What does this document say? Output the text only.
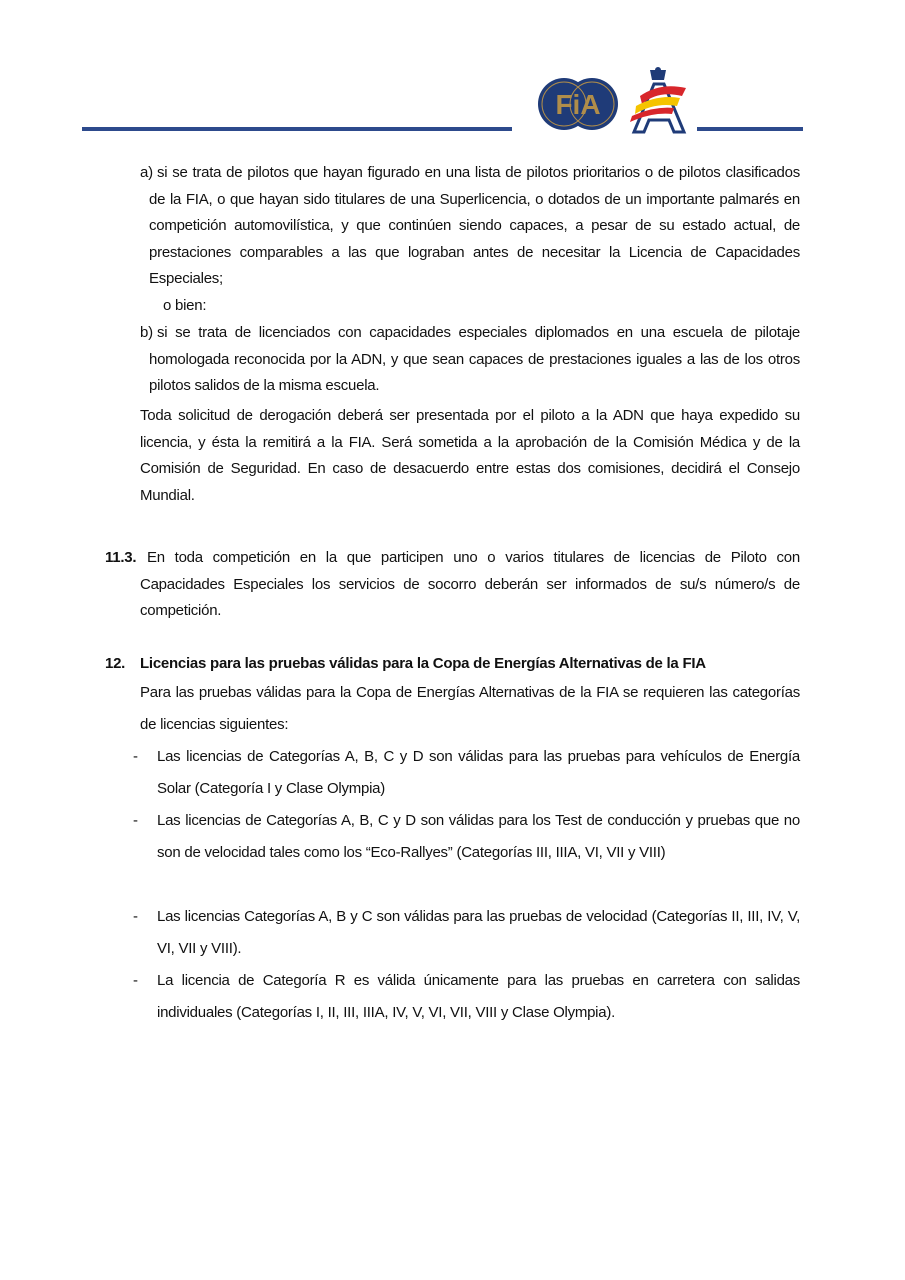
FiA
a) si se trata de pilotos que hayan figurado en una lista de pilotos prioritarios o de pilotos clasificados de la FIA, o que hayan sido titulares de una Superlicencia, o dotados de un importante palmarés en competición automovilística, y que continúen siendo capaces, a pesar de su estado actual, de prestaciones comparables a las que lograban antes de necesitar la Licencia de Capacidades Especiales;
o bien:
b) si se trata de licenciados con capacidades especiales diplomados en una escuela de pilotaje homologada reconocida por la ADN, y que sean capaces de prestaciones iguales a las de los otros pilotos salidos de la misma escuela.
Toda solicitud de derogación deberá ser presentada por el piloto a la ADN que haya expedido su licencia, y ésta la remitirá a la FIA. Será sometida a la aprobación de la Comisión Médica y de la Comisión de Seguridad. En caso de desacuerdo entre estas dos comisiones, decidirá el Consejo Mundial.
11.3. En toda competición en la que participen uno o varios titulares de licencias de Piloto con Capacidades Especiales los servicios de socorro deberán ser informados de su/s número/s de competición.
12. Licencias para las pruebas válidas para la Copa de Energías Alternativas de la FIA
Para las pruebas válidas para la Copa de Energías Alternativas de la FIA se requieren las categorías de licencias siguientes:
- Las licencias de Categorías A, B, C y D son válidas para las pruebas para vehículos de Energía Solar (Categoría I y Clase Olympia)
- Las licencias de Categorías A, B, C y D son válidas para los Test de conducción y pruebas que no son de velocidad tales como los “Eco-Rallyes” (Categorías III, IIIA, VI, VII y VIII)
- Las licencias Categorías A, B y C son válidas para las pruebas de velocidad (Categorías II, III, IV, V, VI, VII y VIII).
- La licencia de Categoría R es válida únicamente para las pruebas en carretera con salidas individuales (Categorías I, II, III, IIIA, IV, V, VI, VII, VIII y Clase Olympia).
